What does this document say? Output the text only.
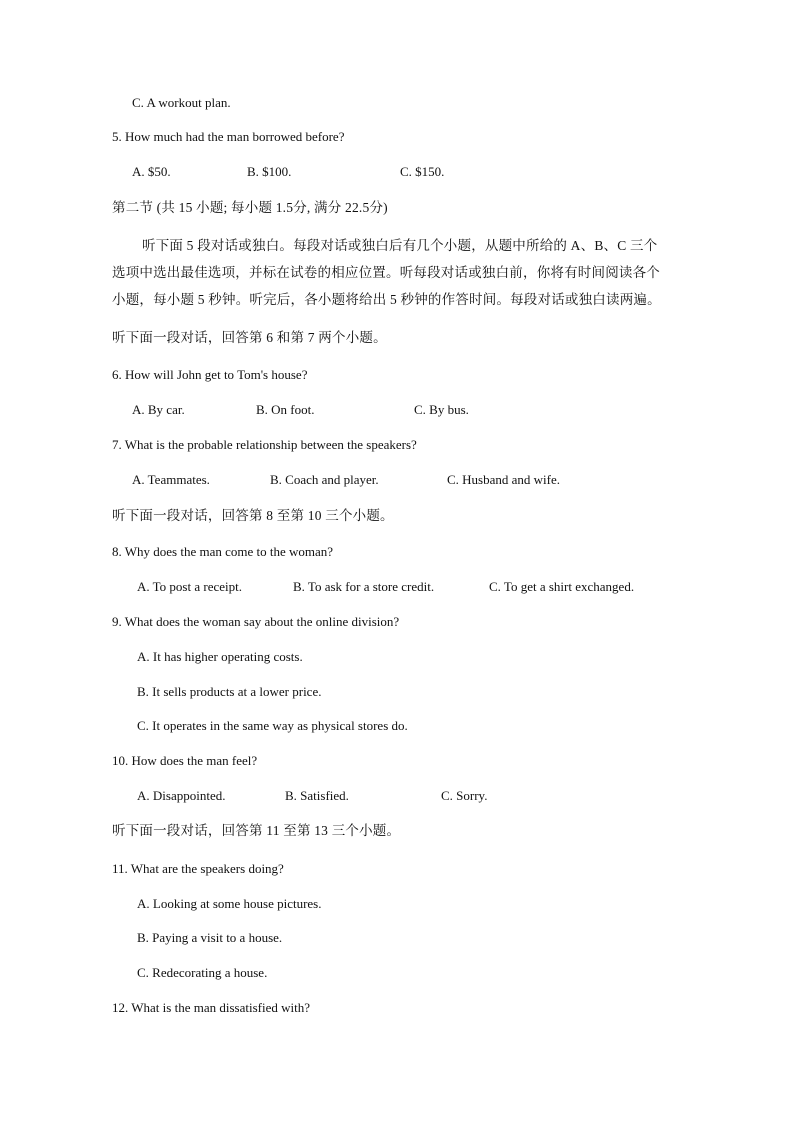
C. A workout plan.
5. How much had the man borrowed before?
A. $50.	B. $100.	C. $150.
第二节 (共 15 小题; 每小题 1.5分, 满分 22.5分)
听下面 5 段对话或独白。每段对话或独白后有几个小题，从题中所给的 A、B、C 三个
选项中选出最佳选项，并标在试卷的相应位置。听每段对话或独白前，你将有时间阅读各个
小题，每小题 5 秒钟。听完后，各小题将给出 5 秒钟的作答时间。每段对话或独白读两遍。
听下面一段对话，回答第 6 和第 7 两个小题。
6. How will John get to Tom's house?
A. By car.	B. On foot.	C. By bus.
7. What is the probable relationship between the speakers?
A. Teammates.	B. Coach and player.	C. Husband and wife.
听下面一段对话，回答第 8 至第 10 三个小题。
8. Why does the man come to the woman?
A. To post a receipt.	B. To ask for a store credit.	C. To get a shirt exchanged.
9. What does the woman say about the online division?
A. It has higher operating costs.
B. It sells products at a lower price.
C. It operates in the same way as physical stores do.
10. How does the man feel?
A. Disappointed.	B. Satisfied.	C. Sorry.
听下面一段对话，回答第 11 至第 13 三个小题。
11. What are the speakers doing?
A. Looking at some house pictures.
B. Paying a visit to a house.
C. Redecorating a house.
12. What is the man dissatisfied with?
